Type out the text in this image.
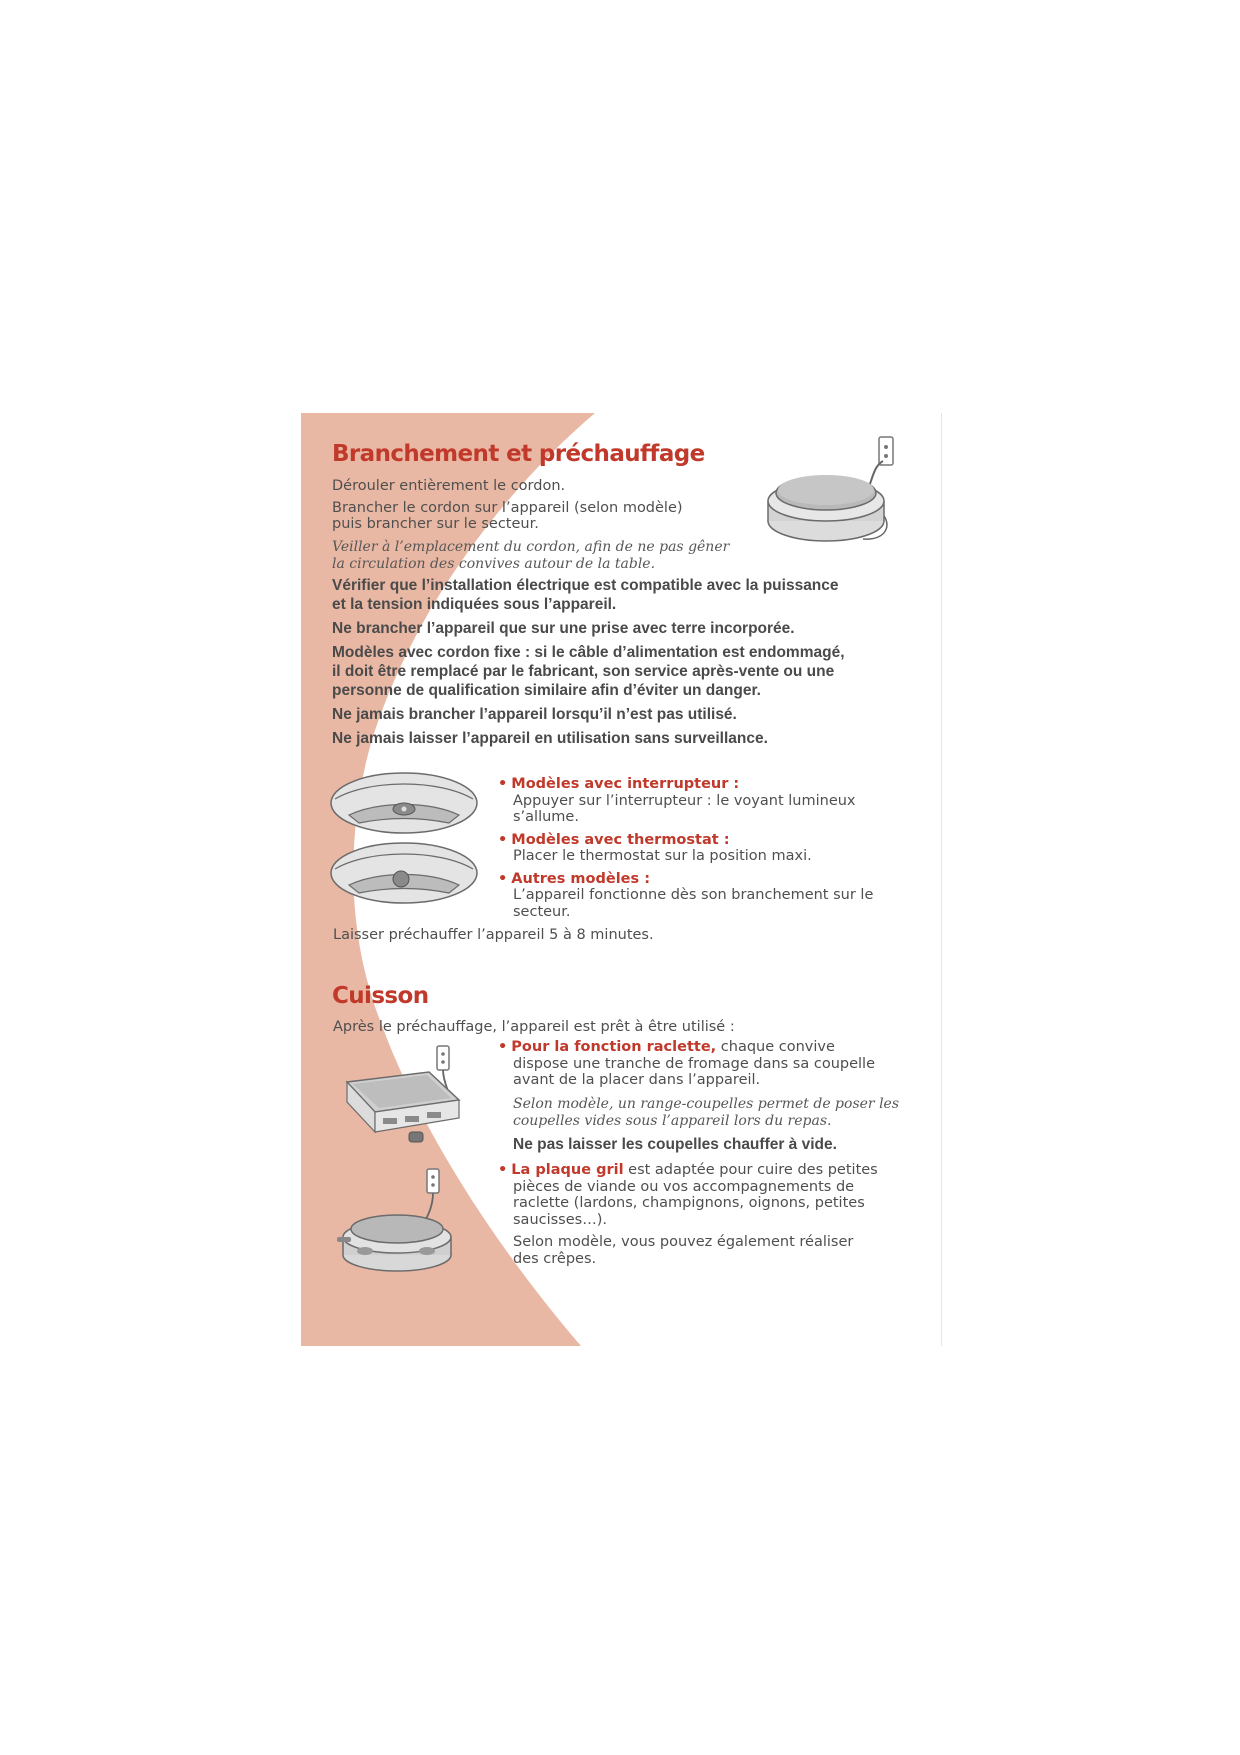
Branchement et préchauffage

Dérouler entièrement le cordon.

Brancher le cordon sur l’appareil (selon modèle)

puis brancher sur le secteur.

Veiller à l’emplacement du cordon, afin de ne pas gêner

la circulation des convives autour de la table.

Vérifier que l’installation électrique est compatible avec la puissance

et la tension indiquées sous l’appareil.

Ne brancher l’appareil que sur une prise avec terre incorporée.

Modèles avec cordon fixe : si le câble d’alimentation est endommagé,

il doit être remplacé par le fabricant, son service après-vente ou une

personne de qualification similaire afin d’éviter un danger.

Ne jamais brancher l’appareil lorsqu’il n’est pas utilisé.

Ne jamais laisser l’appareil en utilisation sans surveillance.

• Modèles avec interrupteur :

Appuyer sur l’interrupteur : le voyant lumineux

s’allume.

• Modèles avec thermostat :

Placer le thermostat sur la position maxi.

• Autres modèles :

L’appareil fonctionne dès son branchement sur le

secteur.

Laisser préchauffer l’appareil 5 à 8 minutes.

Cuisson

Après le préchauffage, l’appareil est prêt à être utilisé :

• Pour la fonction raclette, chaque convive

dispose une tranche de fromage dans sa coupelle

avant de la placer dans l’appareil.

Selon modèle, un range-coupelles permet de poser les

coupelles vides sous l’appareil lors du repas.

Ne pas laisser les coupelles chauffer à vide.

• La plaque gril est adaptée pour cuire des petites

pièces de viande ou vos accompagnements de

raclette (lardons, champignons, oignons, petites

saucisses…).

Selon modèle, vous pouvez également réaliser

des crêpes.
